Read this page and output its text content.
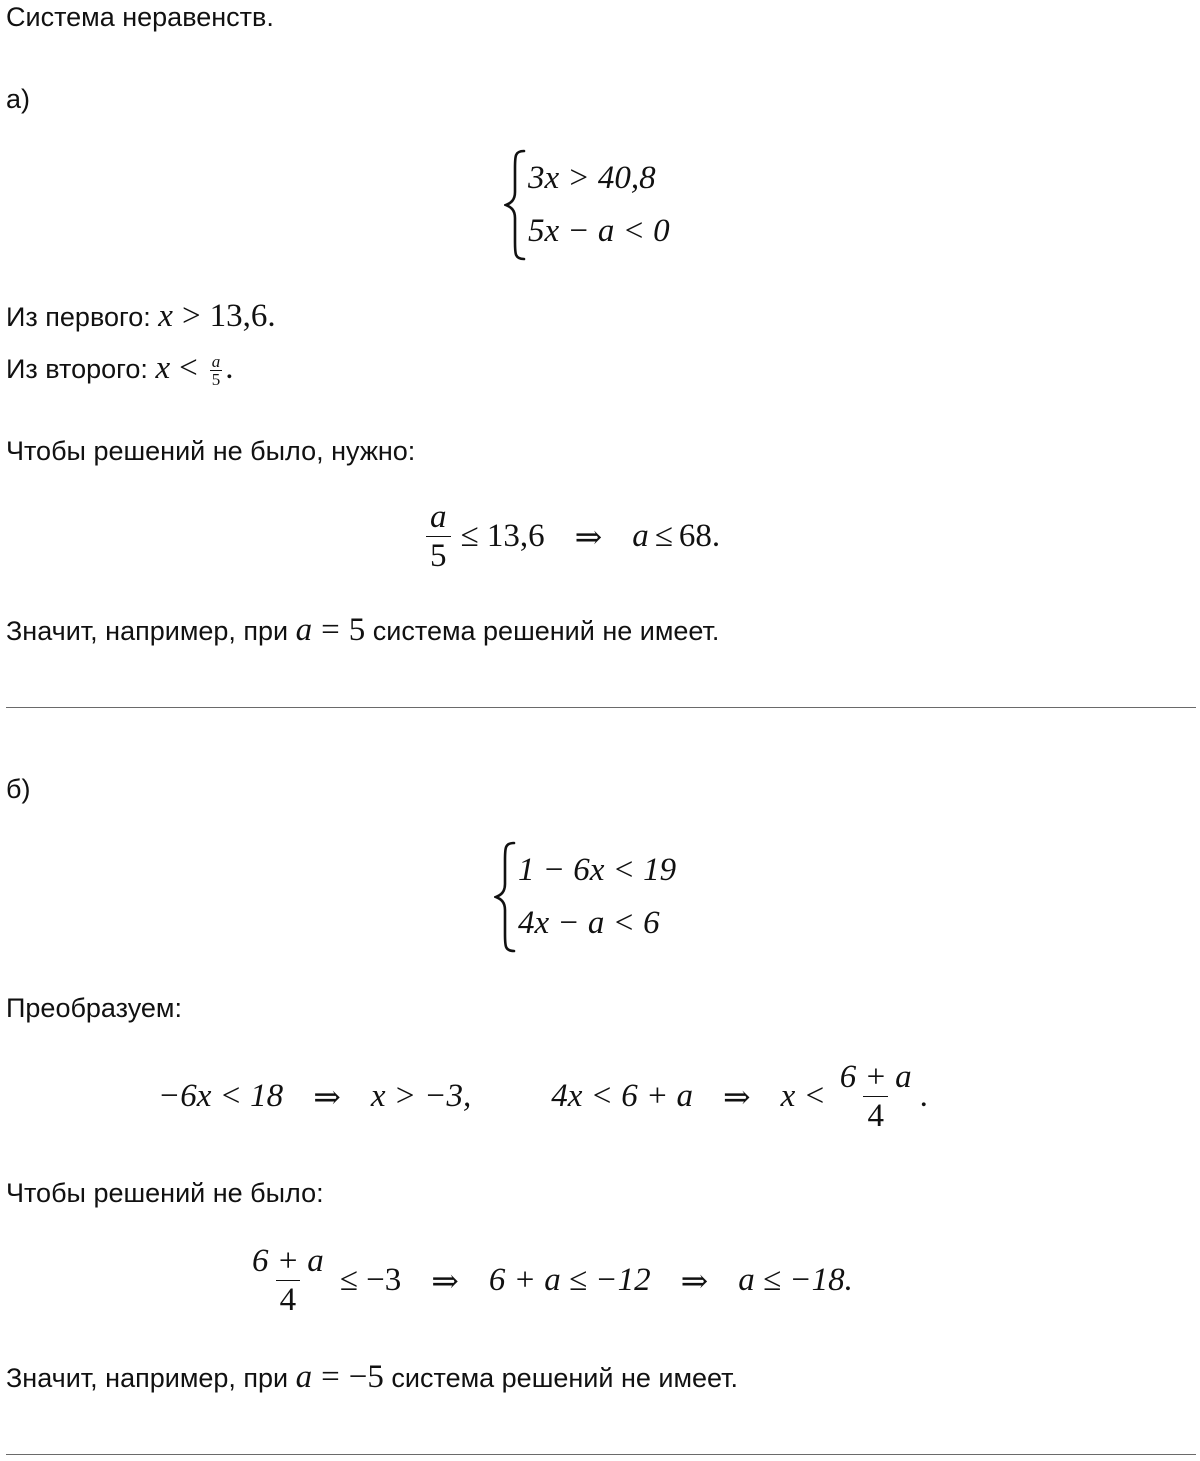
Система неравенств.

а)

3x > 40,8
5x − a < 0
Из первого: x > 13,6.
Из второго: $x < \frac{a}{5}$ .

Чтобы решений не было, нужно:

$\frac{a}{5} \le 13,6$ ⇒ a ≤ 68.
Значит, например, при a = 5 система решений не имеет.

б)

1 − 6x < 19
4x − a < 6

Преобразуем:

−6x < 18 ⇒ x > −3, 4x < 6 + a ⇒ $x < \frac{6 + a}{4}$ .

Чтобы решений не было:

$\frac{6 + a}{4} \le -3$ ⇒ 6 + a ≤ −12 ⇒ a ≤ −18.
Значит, например, при a = −5 система решений не имеет.
